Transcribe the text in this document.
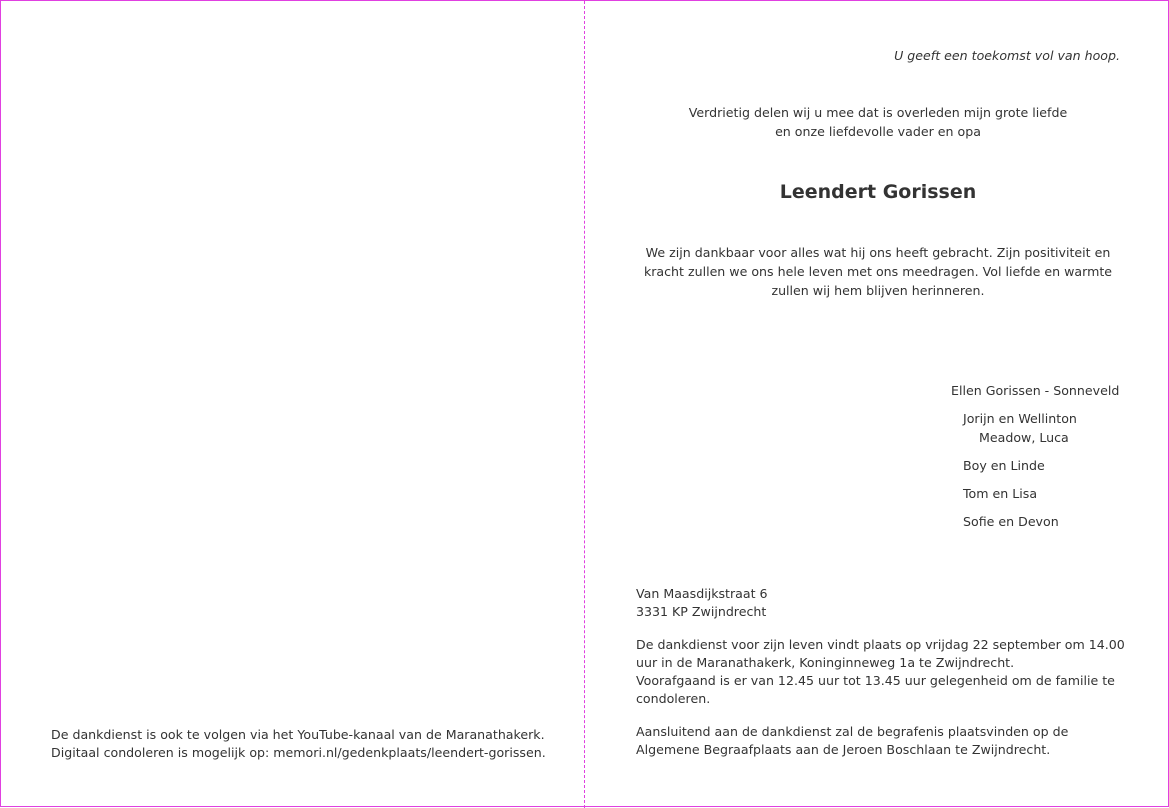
De dankdienst is ook te volgen via het YouTube-kanaal van de Maranathakerk.
Digitaal condoleren is mogelijk op: memori.nl/gedenkplaats/leendert-gorissen.
U geeft een toekomst vol van hoop.
Verdrietig delen wij u mee dat is overleden mijn grote liefde
en onze liefdevolle vader en opa
Leendert Gorissen
We zijn dankbaar voor alles wat hij ons heeft gebracht. Zijn positiviteit en
kracht zullen we ons hele leven met ons meedragen. Vol liefde en warmte
zullen wij hem blijven herinneren.
Ellen Gorissen - Sonneveld
Jorijn en Wellinton
Meadow, Luca
Boy en Linde
Tom en Lisa
Sofie en Devon
Van Maasdijkstraat 6
3331 KP Zwijndrecht
De dankdienst voor zijn leven vindt plaats op vrijdag 22 september om 14.00
uur in de Maranathakerk, Koninginneweg 1a te Zwijndrecht.
Voorafgaand is er van 12.45 uur tot 13.45 uur gelegenheid om de familie te
condoleren.
Aansluitend aan de dankdienst zal de begrafenis plaatsvinden op de
Algemene Begraafplaats aan de Jeroen Boschlaan te Zwijndrecht.
